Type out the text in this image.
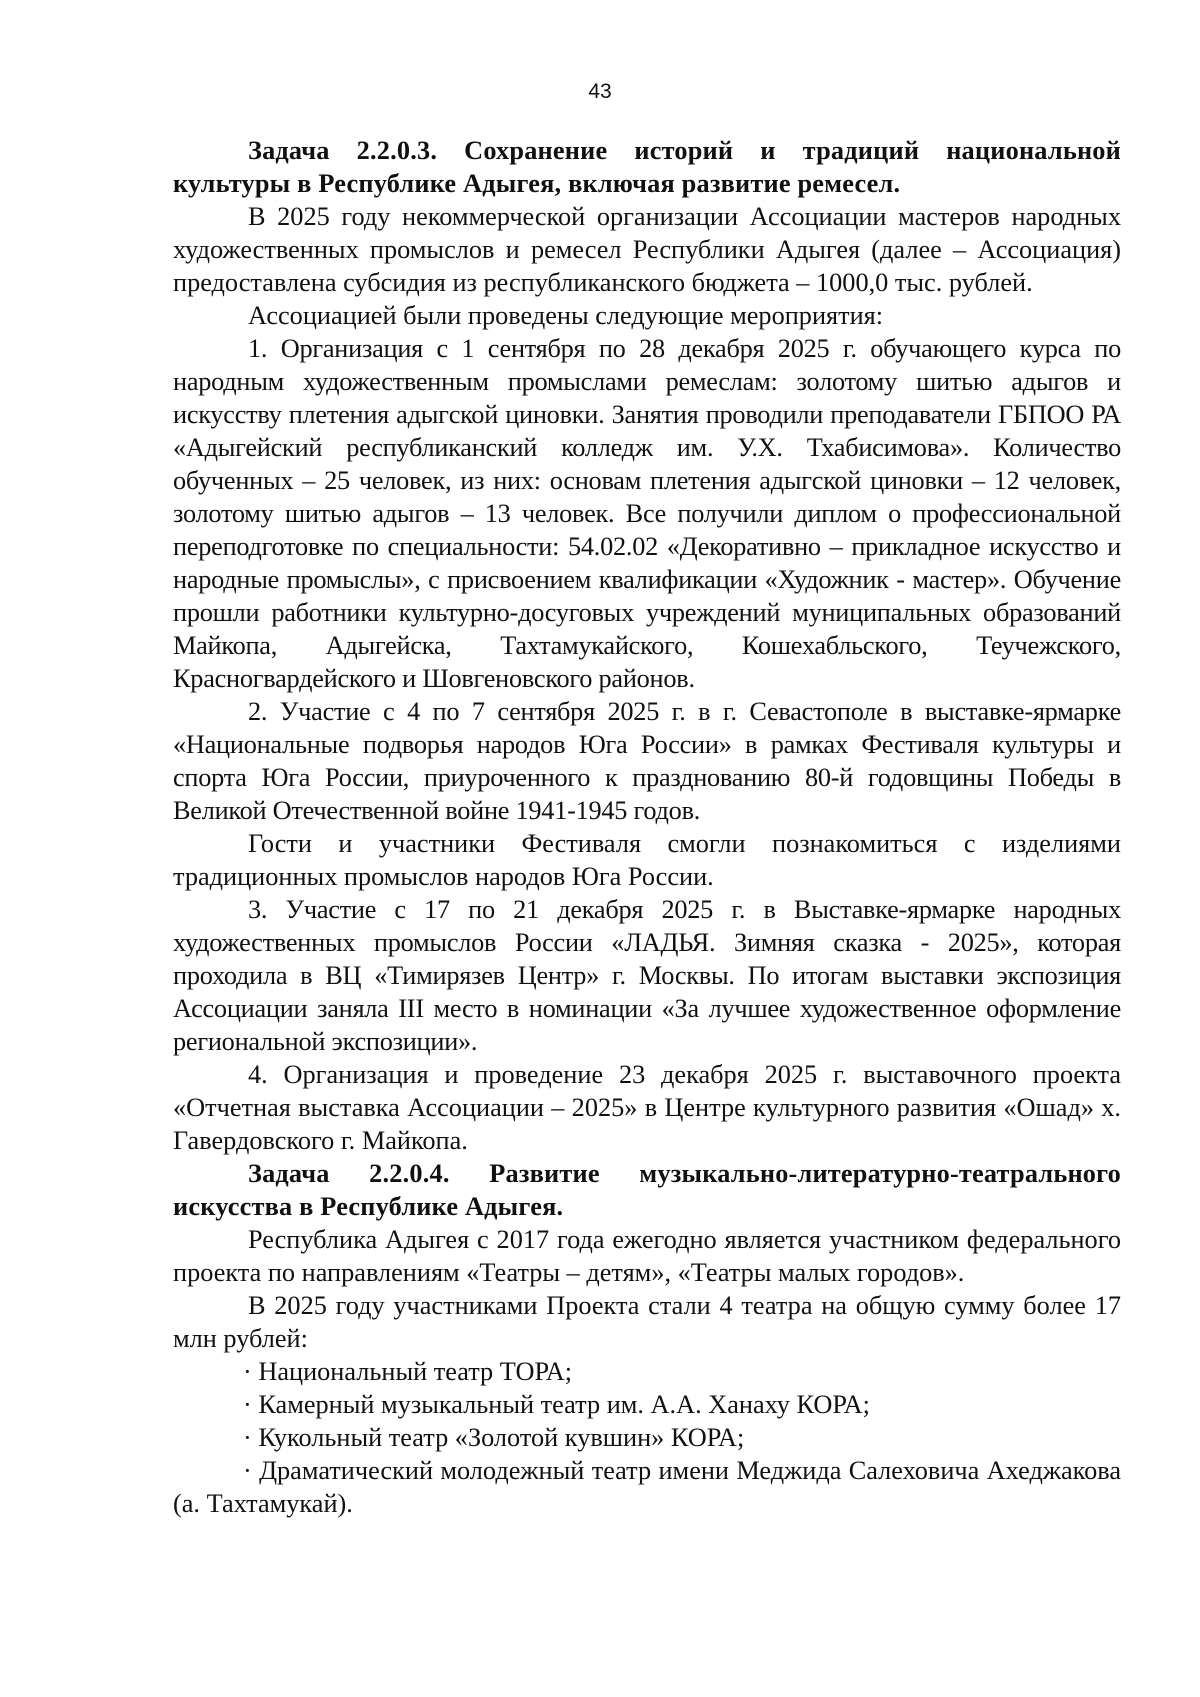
43

Задача 2.2.0.3. Сохранение историй и традиций национальной культуры в Республике Адыгея, включая развитие ремесел.

В 2025 году некоммерческой организации Ассоциации мастеров народных художественных промыслов и ремесел Республики Адыгея (далее – Ассоциация) предоставлена субсидия из республиканского бюджета – 1000,0 тыс. рублей.

Ассоциацией были проведены следующие мероприятия:

1. Организация с 1 сентября по 28 декабря 2025 г. обучающего курса по народным художественным промыслами ремеслам: золотому шитью адыгов и искусству плетения адыгской циновки. Занятия проводили преподаватели ГБПОО РА «Адыгейский республиканский колледж им. У.Х. Тхабисимова». Количество обученных – 25 человек, из них: основам плетения адыгской циновки – 12 человек, золотому шитью адыгов – 13 человек. Все получили диплом о профессиональной переподготовке по специальности: 54.02.02 «Декоративно – прикладное искусство и народные промыслы», с присвоением квалификации «Художник - мастер». Обучение прошли работники культурно-досуговых учреждений муниципальных образований Майкопа, Адыгейска, Тахтамукайского, Кошехабльского, Теучежского, Красногвардейского и Шовгеновского районов.

2. Участие с 4 по 7 сентября 2025 г. в г. Севастополе в выставке-ярмарке «Национальные подворья народов Юга России» в рамках Фестиваля культуры и спорта Юга России, приуроченного к празднованию 80-й годовщины Победы в Великой Отечественной войне 1941-1945 годов.

Гости и участники Фестиваля смогли познакомиться с изделиями традиционных промыслов народов Юга России.

3. Участие с 17 по 21 декабря 2025 г. в Выставке-ярмарке народных художественных промыслов России «ЛАДЬЯ. Зимняя сказка - 2025», которая проходила в ВЦ «Тимирязев Центр» г. Москвы. По итогам выставки экспозиция Ассоциации заняла III место в номинации «За лучшее художественное оформление региональной экспозиции».

4. Организация и проведение 23 декабря 2025 г. выставочного проекта «Отчетная выставка Ассоциации – 2025» в Центре культурного развития «Ошад» х. Гавердовского г. Майкопа.

Задача 2.2.0.4. Развитие музыкально-литературно-театрального искусства в Республике Адыгея.

Республика Адыгея с 2017 года ежегодно является участником федерального проекта по направлениям «Театры – детям», «Театры малых городов».

В 2025 году участниками Проекта стали 4 театра на общую сумму более 17 млн рублей:

· Национальный театр ТОРА;

· Камерный музыкальный театр им. А.А. Ханаху КОРА;

· Кукольный театр «Золотой кувшин» КОРА;

· Драматический молодежный театр имени Меджида Салеховича Ахеджакова (а. Тахтамукай).
